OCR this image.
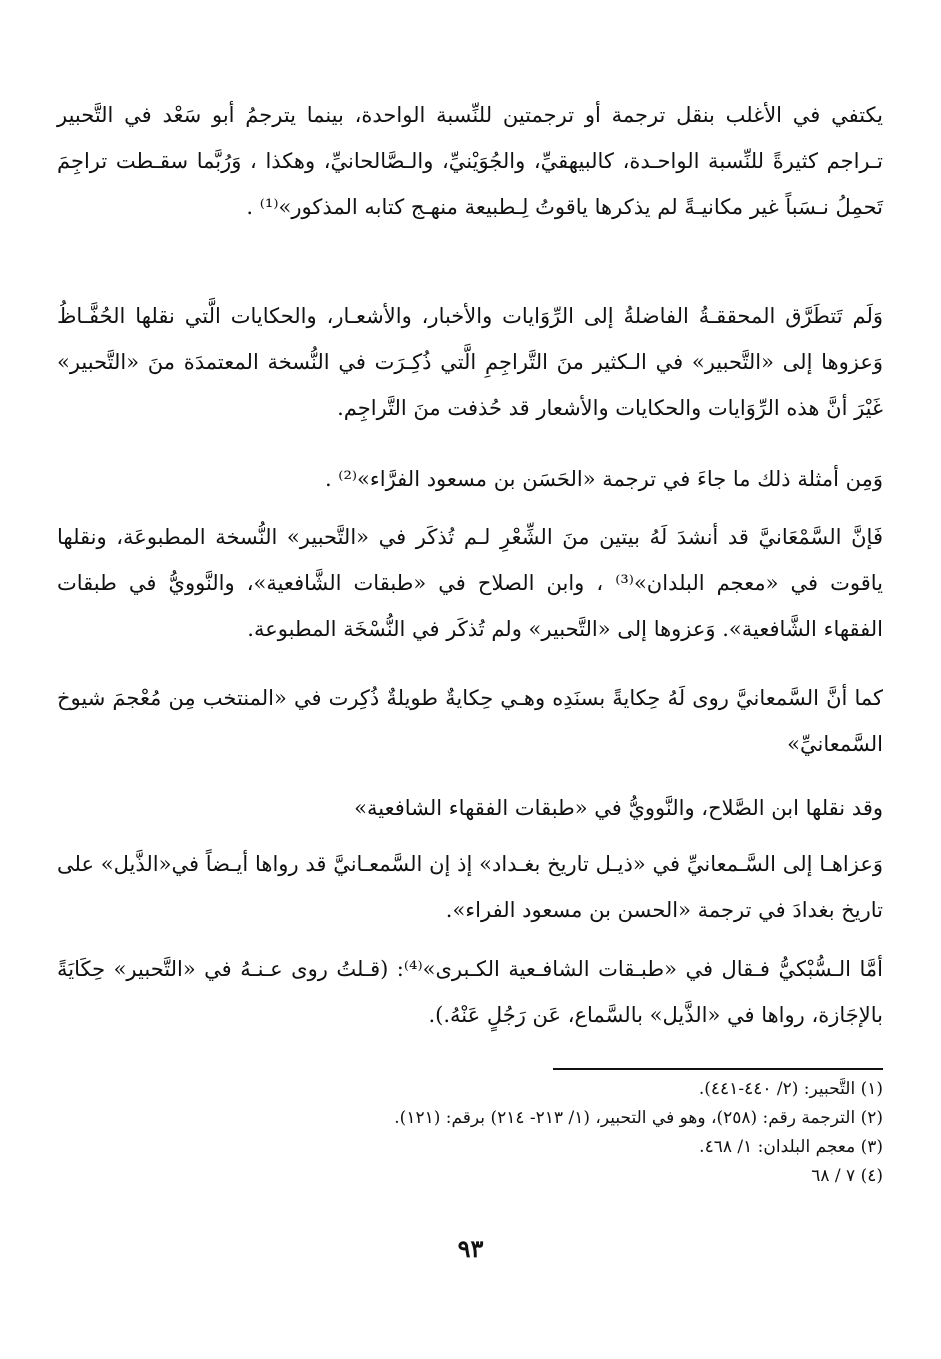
يكتفي في الأغلب بنقل ترجمة أو ترجمتين للنِّسبة الواحدة، بينما يترجمُ أبو سَعْد في التَّحبير تـراجم كثيرةً للنِّسبة الواحـدة، كالبيهقيِّ، والجُوَيْنيِّ، والـصَّالحانيِّ، وهكذا ، وَرُبَّما سقـطت تراجِمَ تَحمِلُ نـسَباً غير مكانيـةً لم يذكرها ياقوتُ لِـطبيعة منهـج كتابه المذكور»⁽¹⁾ .

وَلَم تَتطَرَّق المحققـةُ الفاضلةُ إلى الرِّوَايات والأخبار، والأشعـار، والحكايات الَّتي نقلها الحُفَّـاظُ وَعزوها إلى «التَّحبير» في الـكثير منَ التَّراجِمِ الَّتي ذُكِـرَت في النُّسخة المعتمدَة منَ «التَّحبير» غَيْرَ أنَّ هذه الرِّوَايات والحكايات والأشعار قد حُذفت منَ التَّراجِم.

وَمِن أمثلة ذلك ما جاءَ في ترجمة «الحَسَن بن مسعود الفرَّاء»⁽²⁾ .

فَإنَّ السَّمْعَانيَّ قد أنشدَ لَهُ بيتين منَ الشِّعْرِ لـم تُذكَر في «التَّحبير» النُّسخة المطبوعَة، ونقلها ياقوت في «معجم البلدان»⁽³⁾ ، وابن الصلاح في «طبقات الشَّافعية»، والنَّوويُّ في طبقات الفقهاء الشَّافعية». وَعزوها إلى «التَّحبير» ولم تُذكَر في النُّسْخَة المطبوعة.

كما أنَّ السَّمعانيَّ روى لَهُ حِكايةً بسنَدِه وهـي حِكايةٌ طويلةٌ ذُكِرت في «المنتخب مِن مُعْجمَ شيوخ السَّمعانيِّ»

وقد نقلها ابن الصَّلاح، والنَّوويُّ في «طبقات الفقهاء الشافعية»

وَعزاهـا إلى السَّـمعانيِّ في «ذيـل تاريخ بغـداد» إذ إن السَّمعـانيَّ قد رواها أيـضاً في«الذَّيل» على تاريخ بغدادَ في ترجمة «الحسن بن مسعود الفراء».

أمَّا الـسُّبْكيُّ فـقال في «طبـقات الشافـعية الكـبرى»⁽⁴⁾: (قـلتُ روى عـنـهُ في «التَّحبير» حِكَايَةً بالإجَازة، رواها في «الذَّيل» بالسَّماع، عَن رَجُلٍ عَنْهُ.).

(١) التَّحبير: (٢/ ٤٤٠-٤٤١).

(٢) الترجمة رقم: (٢٥٨)، وهو في التحبير، (١/ ٢١٣- ٢١٤) برقم: (١٢١).

(٣) معجم البلدان: ١/ ٤٦٨.

(٤) ٧ / ٦٨

٩٣
